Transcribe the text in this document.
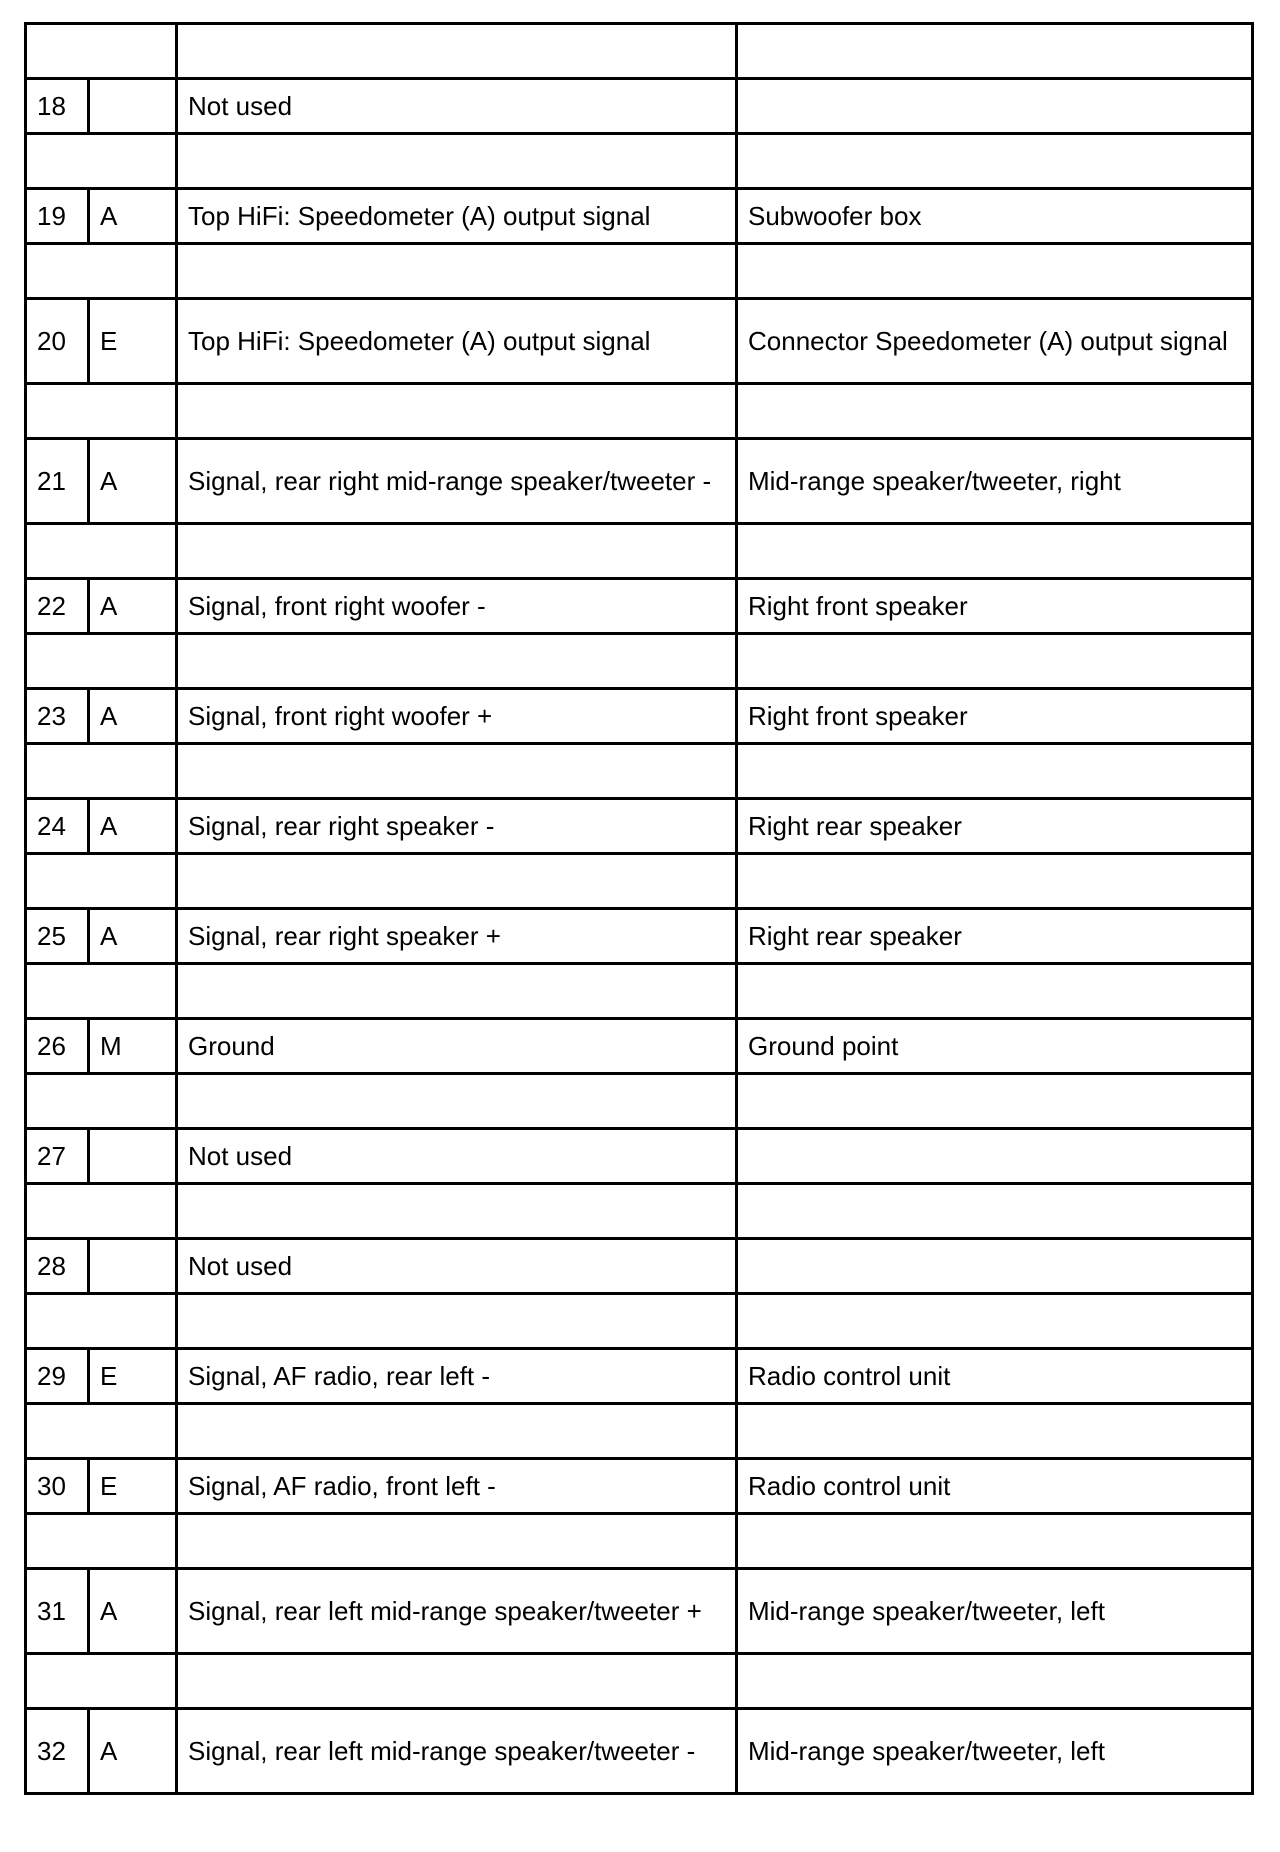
18		Not used	

19	A	Top HiFi: Speedometer (A) output signal	Subwoofer box

20	E	Top HiFi: Speedometer (A) output signal	Connector Speedometer (A) output signal

21	A	Signal, rear right mid-range speaker/tweeter -	Mid-range speaker/tweeter, right

22	A	Signal, front right woofer -	Right front speaker

23	A	Signal, front right woofer +	Right front speaker

24	A	Signal, rear right speaker -	Right rear speaker

25	A	Signal, rear right speaker +	Right rear speaker

26	M	Ground	Ground point

27		Not used	

28		Not used	

29	E	Signal, AF radio, rear left -	Radio control unit

30	E	Signal, AF radio, front left -	Radio control unit

31	A	Signal, rear left mid-range speaker/tweeter +	Mid-range speaker/tweeter, left

32	A	Signal, rear left mid-range speaker/tweeter -	Mid-range speaker/tweeter, left
